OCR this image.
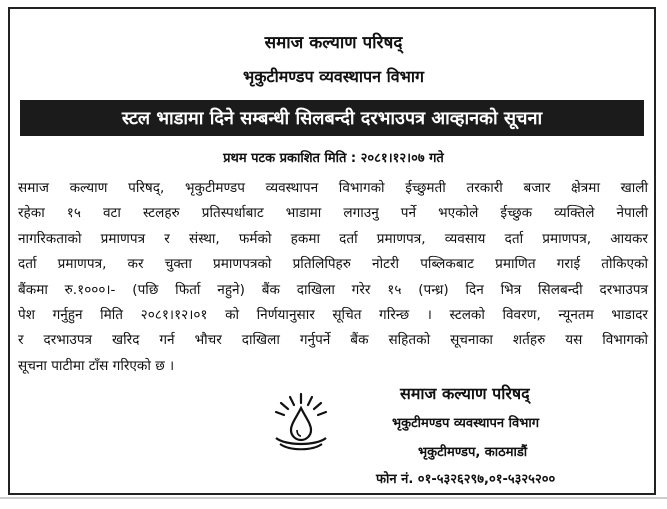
समाज कल्याण परिषद्
भृकुटीमण्डप व्यवस्थापन विभाग
स्टल भाडामा दिने सम्बन्धी सिलबन्दी दरभाउपत्र आव्हानको सूचना
प्रथम पटक प्रकाशित मिति : २०८१।१२।०७ गते
समाज कल्याण परिषद्, भृकुटीमण्डप व्यवस्थापन विभागको ईच्छुमती तरकारी बजार क्षेत्रमा खाली
रहेका १५ वटा स्टलहरु प्रतिस्पर्धाबाट भाडामा लगाउनु पर्ने भएकोले ईच्छुक व्यक्तिले नेपाली
नागरिकताको प्रमाणपत्र र संस्था, फर्मको हकमा दर्ता प्रमाणपत्र, व्यवसाय दर्ता प्रमाणपत्र, आयकर
दर्ता प्रमाणपत्र, कर चुक्ता प्रमाणपत्रको प्रतिलिपिहरु नोटरी पब्लिकबाट प्रमाणित गराई तोकिएको
बैंकमा रु.१०००।- (पछि फिर्ता नहुने) बैंक दाखिला गरेर १५ (पन्ध्र) दिन भित्र सिलबन्दी दरभाउपत्र
पेश गर्नुहुन मिति २०८१।१२।०१ को निर्णयानुसार सूचित गरिन्छ । स्टलको विवरण, न्यूनतम भाडादर
र दरभाउपत्र खरिद गर्न भौचर दाखिला गर्नुपर्ने बैंक सहितको सूचनाका शर्तहरु यस विभागको
सूचना पाटीमा टाँस गरिएको छ ।
समाज कल्याण परिषद्
भृकुटीमण्डप व्यवस्थापन विभाग
भृकुटीमण्डप, काठमाडौं
फोन नं. ०१-५३२६२९७,०१-५३२५२००
